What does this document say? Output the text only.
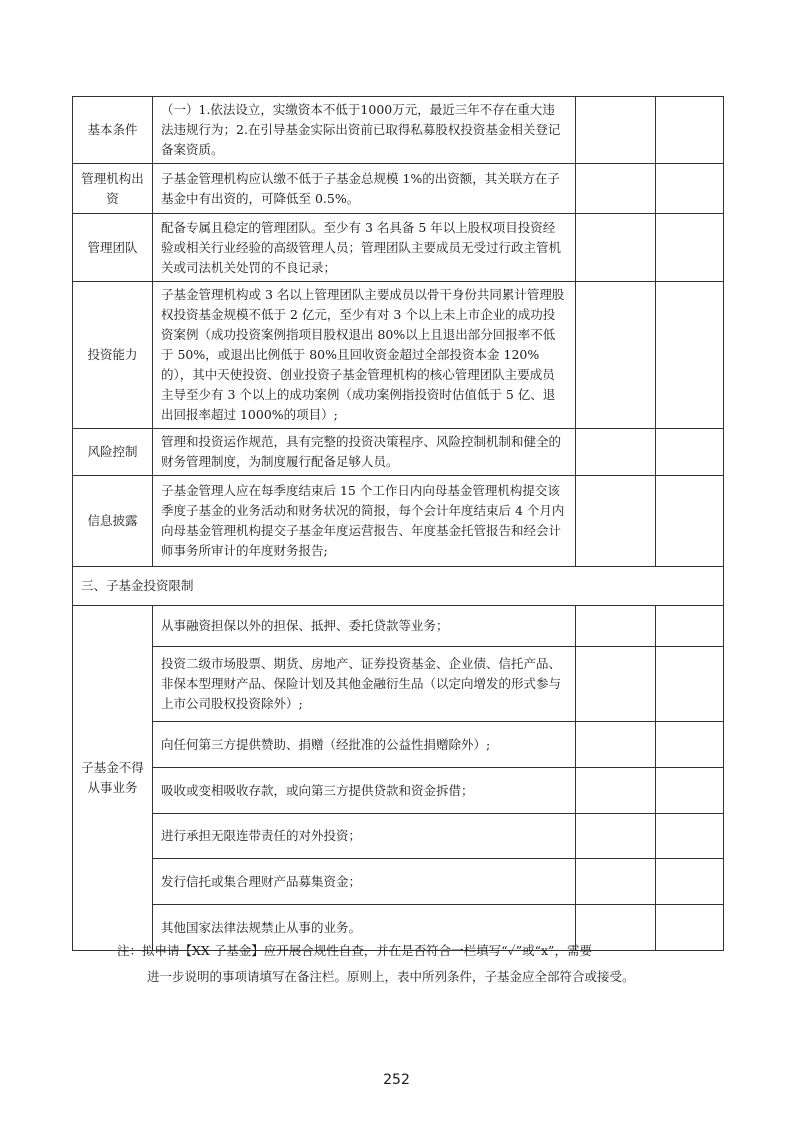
基本条件	（一）1.依法设立，实缴资本不低于1000万元，最近三年不存在重大违法违规行为；2.在引导基金实际出资前已取得私募股权投资基金相关登记备案资质。		
管理机构出资	子基金管理机构应认缴不低于子基金总规模 1%的出资额，其关联方在子基金中有出资的，可降低至 0.5%。		
管理团队	配备专属且稳定的管理团队。至少有 3 名具备 5 年以上股权项目投资经验或相关行业经验的高级管理人员；管理团队主要成员无受过行政主管机关或司法机关处罚的不良记录；		
投资能力	子基金管理机构或 3 名以上管理团队主要成员以骨干身份共同累计管理股权投资基金规模不低于 2 亿元，至少有对 3 个以上未上市企业的成功投资案例（成功投资案例指项目股权退出 80%以上且退出部分回报率不低于 50%，或退出比例低于 80%且回收资金超过全部投资本金 120%的），其中天使投资、创业投资子基金管理机构的核心管理团队主要成员主导至少有 3 个以上的成功案例（成功案例指投资时估值低于 5 亿、退出回报率超过 1000%的项目）;		
风险控制	管理和投资运作规范，具有完整的投资决策程序、风险控制机制和健全的财务管理制度，为制度履行配备足够人员。		
信息披露	子基金管理人应在每季度结束后 15 个工作日内向母基金管理机构提交该季度子基金的业务活动和财务状况的简报，每个会计年度结束后 4 个月内向母基金管理机构提交子基金年度运营报告、年度基金托管报告和经会计师事务所审计的年度财务报告;		
三、子基金投资限制			
子基金不得从事业务	从事融资担保以外的担保、抵押、委托贷款等业务；		
	投资二级市场股票、期货、房地产、证券投资基金、企业债、信托产品、非保本型理财产品、保险计划及其他金融衍生品（以定向增发的形式参与上市公司股权投资除外）;		
	向任何第三方提供赞助、捐赠（经批准的公益性捐赠除外）;		
	吸收或变相吸收存款，或向第三方提供贷款和资金拆借；		
	进行承担无限连带责任的对外投资；		
	发行信托或集合理财产品募集资金；		
	其他国家法律法规禁止从事的业务。		
注：拟申请【XX 子基金】应开展合规性自查，并在是否符合一栏填写“✓”或“x”，需要
进一步说明的事项请填写在备注栏。原则上，表中所列条件，子基金应全部符合或接受。
252
